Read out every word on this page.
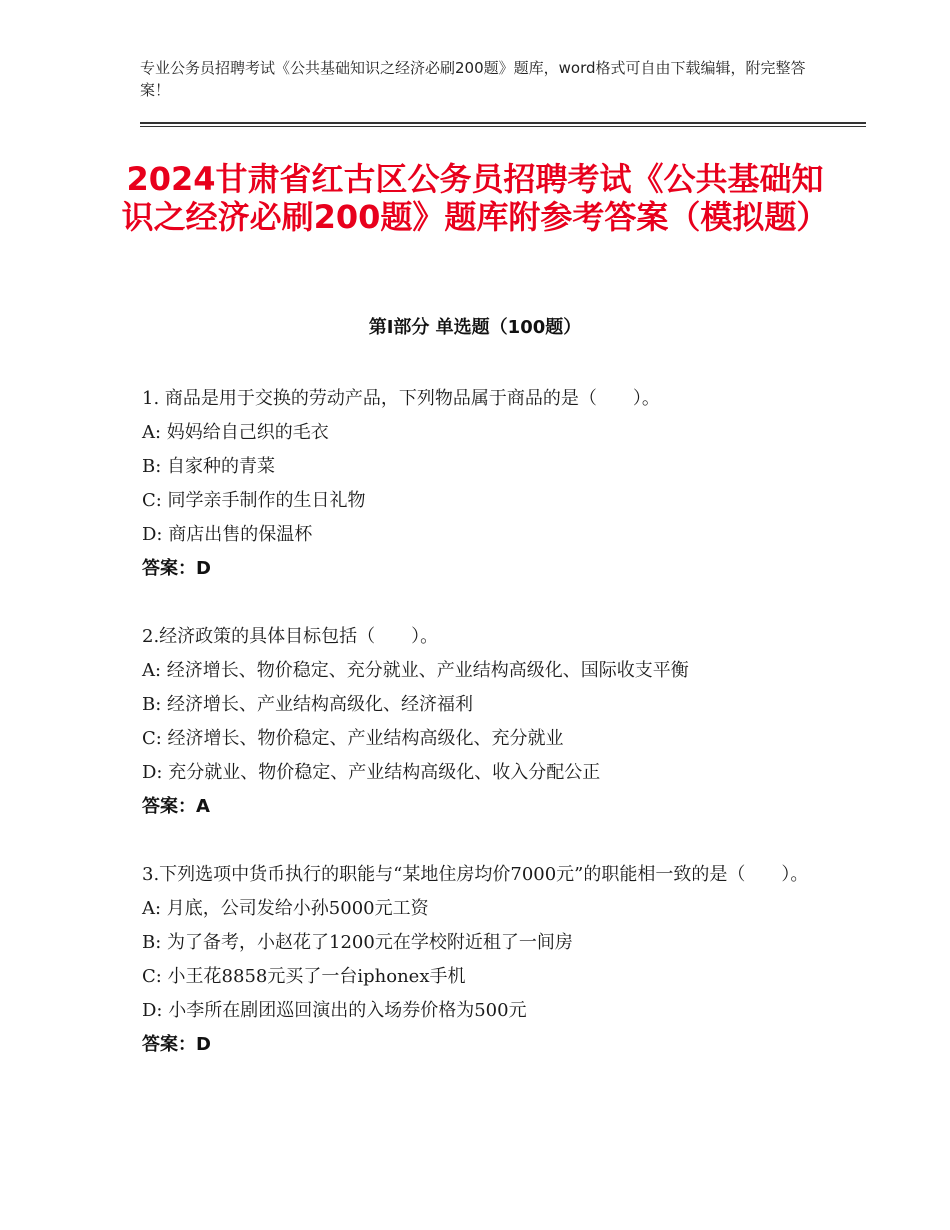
专业公务员招聘考试《公共基础知识之经济必刷200题》题库，word格式可自由下载编辑，附完整答案！
2024甘肃省红古区公务员招聘考试《公共基础知识之经济必刷200题》题库附参考答案（模拟题）
第Ⅰ部分 单选题（100题）
1. 商品是用于交换的劳动产品，下列物品属于商品的是（　　）。
A: 妈妈给自己织的毛衣
B: 自家种的青菜
C: 同学亲手制作的生日礼物
D: 商店出售的保温杯
答案：D
2.经济政策的具体目标包括（　　）。
A: 经济增长、物价稳定、充分就业、产业结构高级化、国际收支平衡
B: 经济增长、产业结构高级化、经济福利
C: 经济增长、物价稳定、产业结构高级化、充分就业
D: 充分就业、物价稳定、产业结构高级化、收入分配公正
答案：A
3.下列选项中货币执行的职能与“某地住房均价7000元”的职能相一致的是（　　）。
A: 月底，公司发给小孙5000元工资
B: 为了备考，小赵花了1200元在学校附近租了一间房
C: 小王花8858元买了一台iphonex手机
D: 小李所在剧团巡回演出的入场券价格为500元
答案：D
